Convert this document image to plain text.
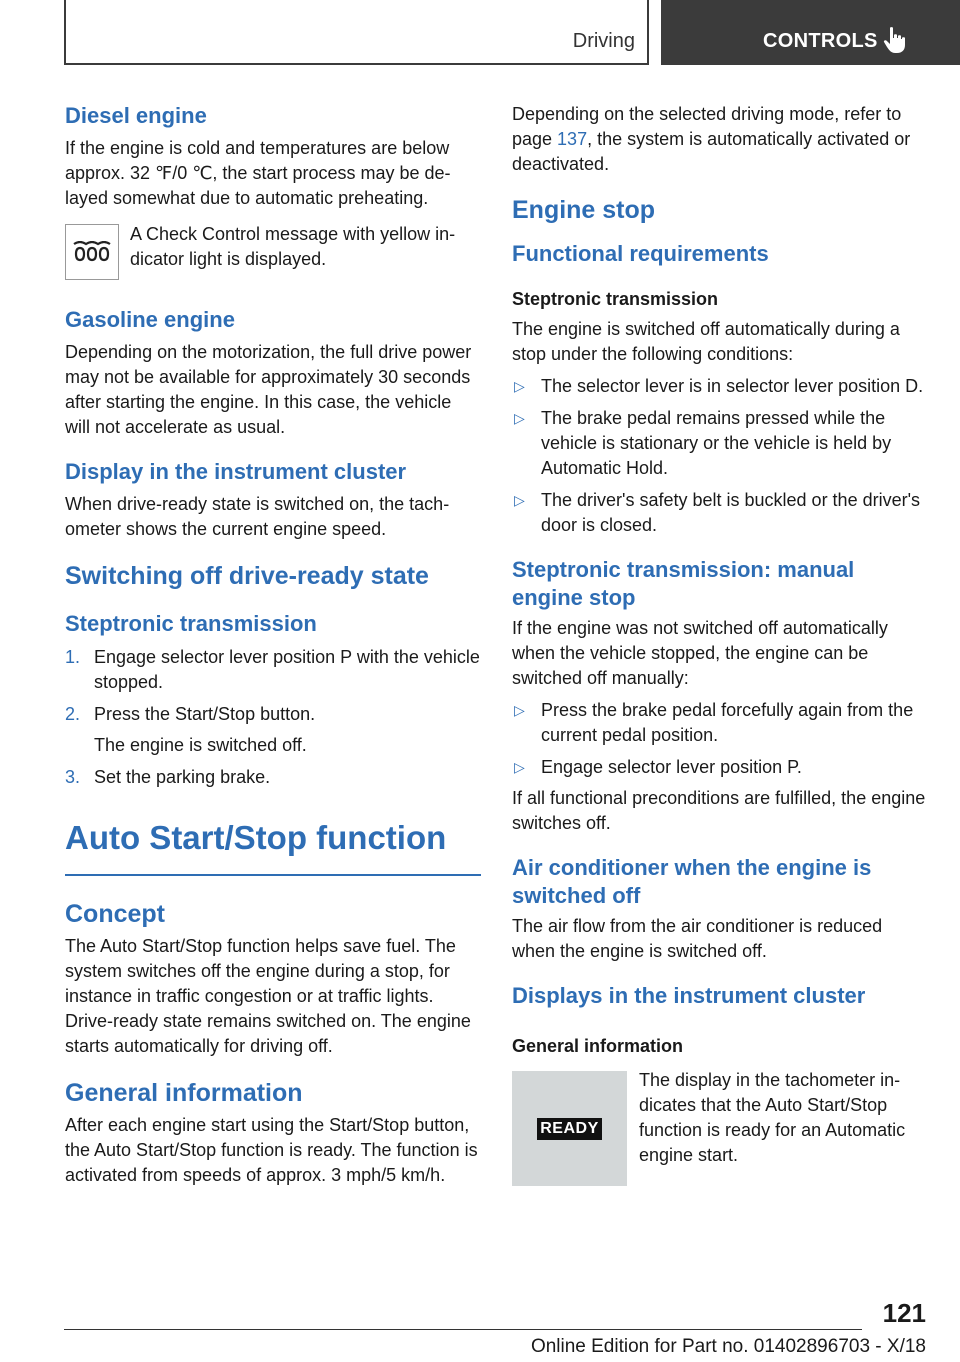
Driving	CONTROLS
Diesel engine

If the engine is cold and temperatures are below approx. 32 ℉/0 ℃, the start process may be delayed somewhat due to automatic preheating.

A Check Control message with yellow indicator light is displayed.

Gasoline engine

Depending on the motorization, the full drive power may not be available for approximately 30 seconds after starting the engine. In this case, the vehicle will not accelerate as usual.

Display in the instrument cluster

When drive-ready state is switched on, the tachometer shows the current engine speed.

Switching off drive-ready state
Steptronic transmission
1. Engage selector lever position P with the vehicle stopped.
2. Press the Start/Stop button.
The engine is switched off.
3. Set the parking brake.
Auto Start/Stop function
Concept

The Auto Start/Stop function helps save fuel. The system switches off the engine during a stop, for instance in traffic congestion or at traffic lights. Drive-ready state remains switched on. The engine starts automatically for driving off.

General information

After each engine start using the Start/Stop button, the Auto Start/Stop function is ready. The function is activated from speeds of approx. 3 mph/5 km/h.

Depending on the selected driving mode, refer to page 137, the system is automatically activated or deactivated.

Engine stop
Functional requirements
Steptronic transmission

The engine is switched off automatically during a stop under the following conditions:

▷ The selector lever is in selector lever position D.
▷ The brake pedal remains pressed while the vehicle is stationary or the vehicle is held by Automatic Hold.
▷ The driver's safety belt is buckled or the driver's door is closed.
Steptronic transmission: manual engine stop

If the engine was not switched off automatically when the vehicle stopped, the engine can be switched off manually:

▷ Press the brake pedal forcefully again from the current pedal position.
▷ Engage selector lever position P.

If all functional preconditions are fulfilled, the engine switches off.

Air conditioner when the engine is switched off

The air flow from the air conditioner is reduced when the engine is switched off.

Displays in the instrument cluster
General information
READY

The display in the tachometer indicates that the Auto Start/Stop function is ready for an Automatic engine start.

121
Online Edition for Part no. 01402896703 - X/18
